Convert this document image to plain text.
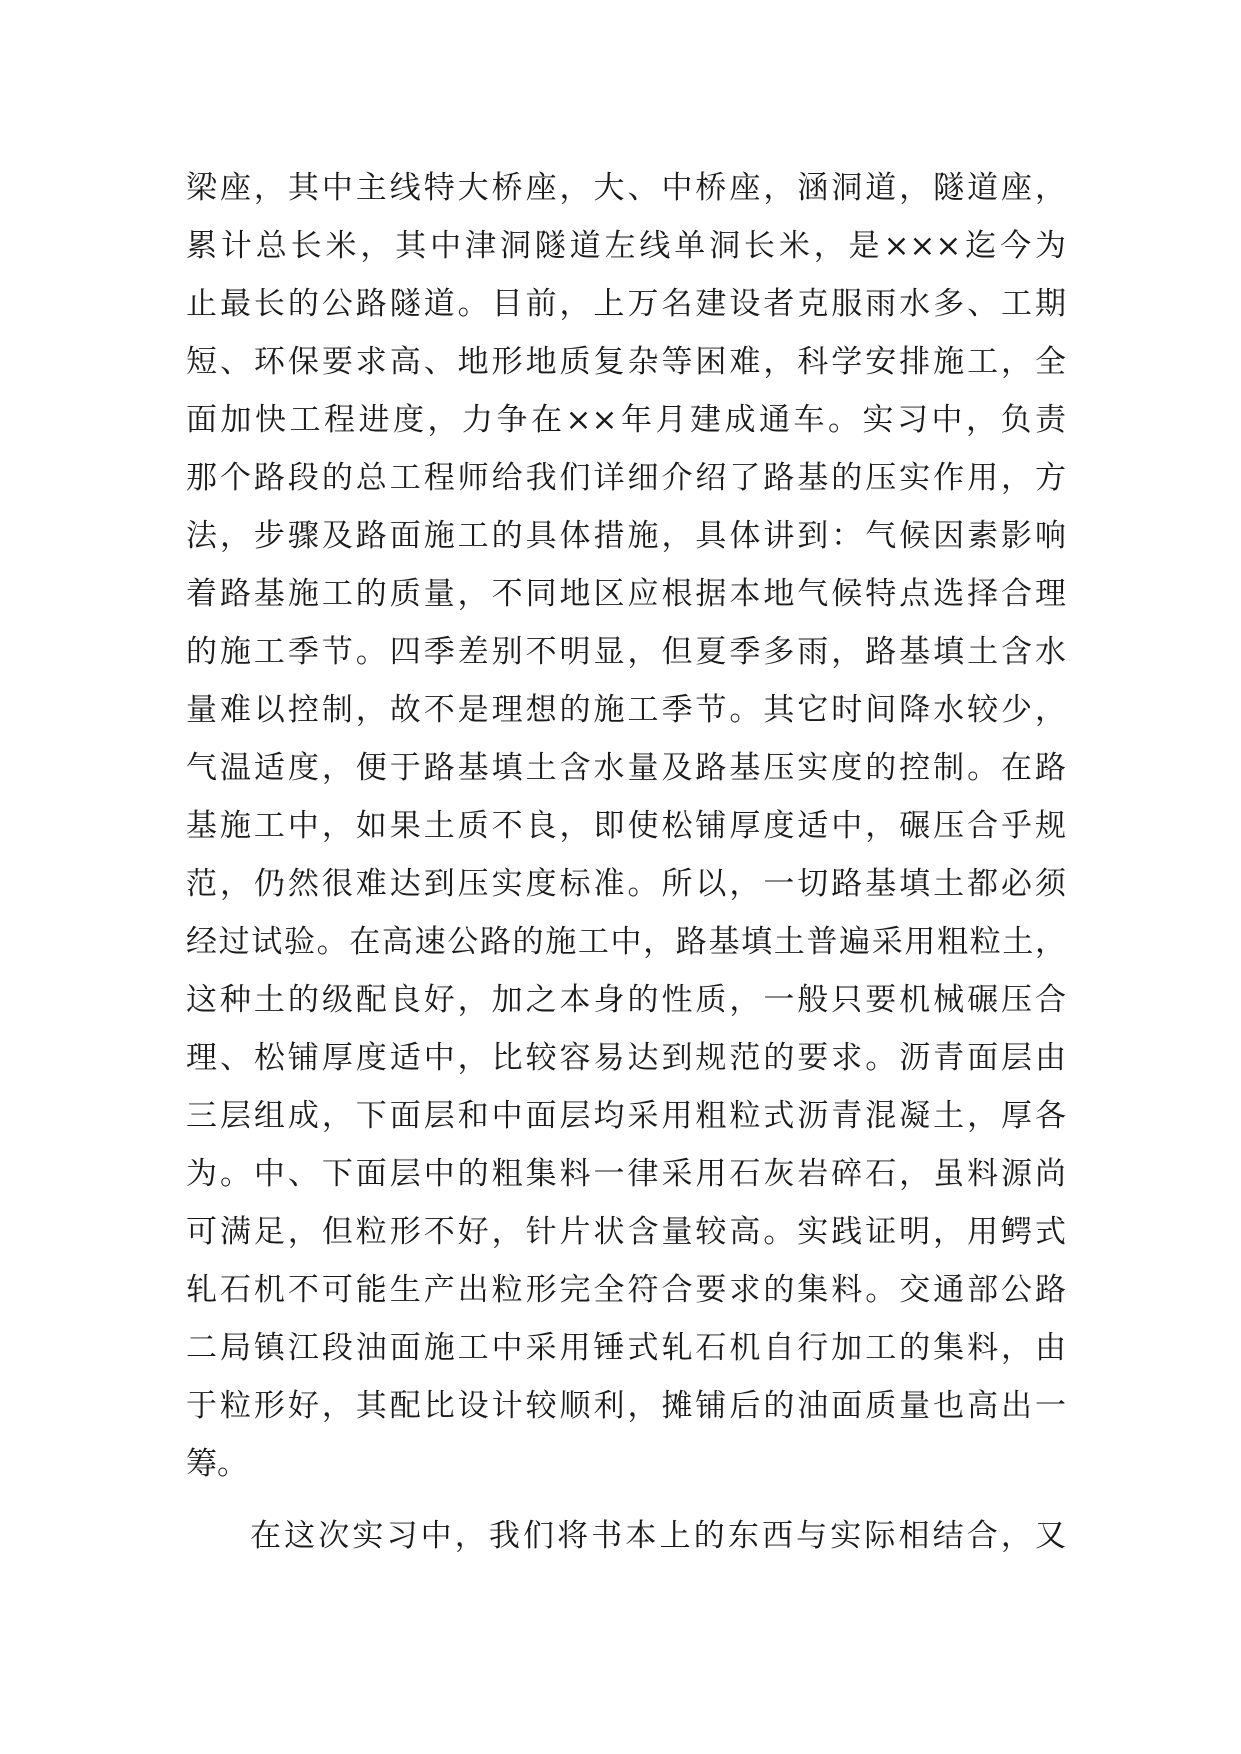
梁座，其中主线特大桥座，大、中桥座，涵洞道，隧道座，
累计总长米，其中津洞隧道左线单洞长米，是×××迄今为
止最长的公路隧道。目前，上万名建设者克服雨水多、工期
短、环保要求高、地形地质复杂等困难，科学安排施工，全
面加快工程进度，力争在××年月建成通车。实习中，负责
那个路段的总工程师给我们详细介绍了路基的压实作用，方
法，步骤及路面施工的具体措施，具体讲到：气候因素影响
着路基施工的质量，不同地区应根据本地气候特点选择合理
的施工季节。四季差别不明显，但夏季多雨，路基填土含水
量难以控制，故不是理想的施工季节。其它时间降水较少，
气温适度，便于路基填土含水量及路基压实度的控制。在路
基施工中，如果土质不良，即使松铺厚度适中，碾压合乎规
范，仍然很难达到压实度标准。所以，一切路基填土都必须
经过试验。在高速公路的施工中，路基填土普遍采用粗粒土，
这种土的级配良好，加之本身的性质，一般只要机械碾压合
理、松铺厚度适中，比较容易达到规范的要求。沥青面层由
三层组成，下面层和中面层均采用粗粒式沥青混凝土，厚各
为。中、下面层中的粗集料一律采用石灰岩碎石，虽料源尚
可满足，但粒形不好，针片状含量较高。实践证明，用鳄式
轧石机不可能生产出粒形完全符合要求的集料。交通部公路
二局镇江段油面施工中采用锤式轧石机自行加工的集料，由
于粒形好，其配比设计较顺利，摊铺后的油面质量也高出一
筹。
在这次实习中，我们将书本上的东西与实际相结合，又
